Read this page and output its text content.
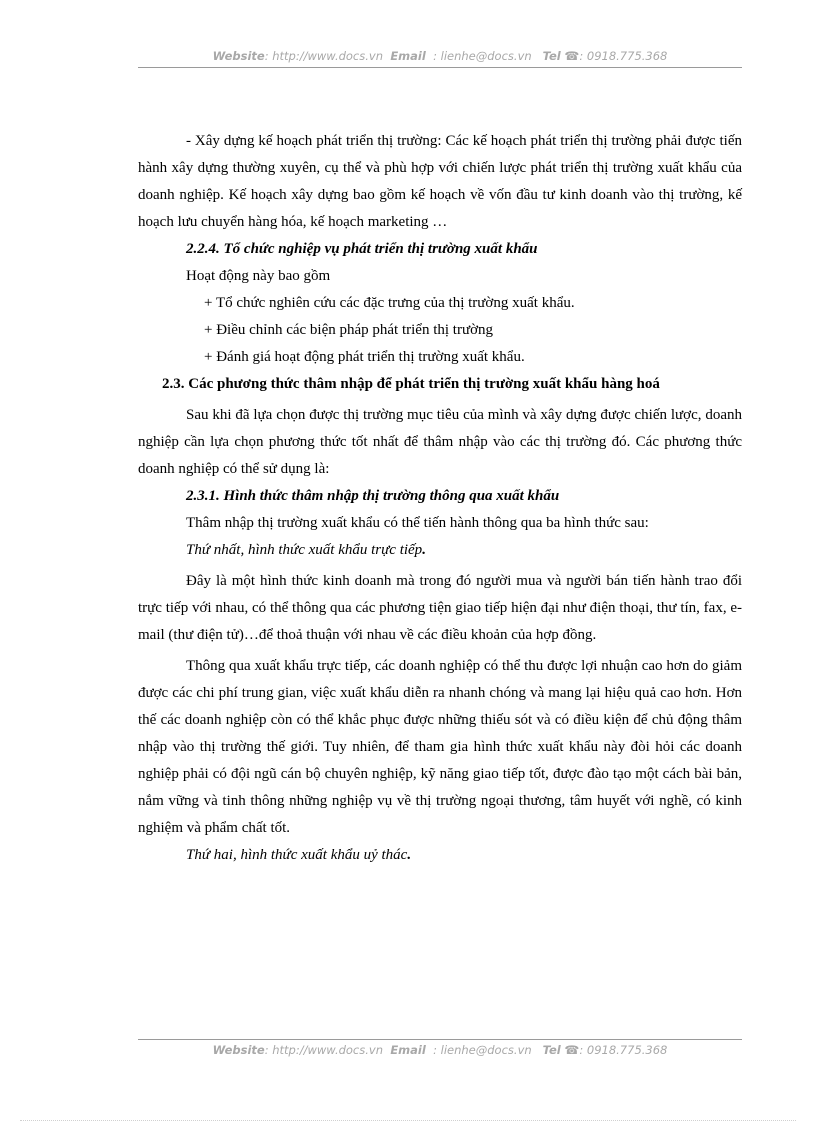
Website: http://www.docs.vn Email : lienhe@docs.vn Tel ☎: 0918.775.368

- Xây dựng kế hoạch phát triển thị trường: Các kế hoạch phát triển thị trường phải được tiến hành xây dựng thường xuyên, cụ thể và phù hợp với chiến lược phát triển thị trường xuất khẩu của doanh nghiệp. Kế hoạch xây dựng bao gồm kế hoạch về vốn đầu tư kinh doanh vào thị trường, kế hoạch lưu chuyển hàng hóa, kế hoạch marketing …

2.2.4. Tổ chức nghiệp vụ phát triển thị trường xuất khẩu

Hoạt động này bao gồm

+ Tổ chức nghiên cứu các đặc trưng của thị trường xuất khẩu.

+ Điều chỉnh các biện pháp phát triển thị trường

+ Đánh giá hoạt động phát triển thị trường xuất khẩu.

2.3. Các phương thức thâm nhập để phát triển thị trường xuất khẩu hàng hoá

Sau khi đã lựa chọn được thị trường mục tiêu của mình và xây dựng được chiến lược, doanh nghiệp cần lựa chọn phương thức tốt nhất để thâm nhập vào các thị trường đó. Các phương thức doanh nghiệp có thể sử dụng là:

2.3.1. Hình thức thâm nhập thị trường thông qua xuất khẩu

Thâm nhập thị trường xuất khẩu có thể tiến hành thông qua ba hình thức sau:

Thứ nhất, hình thức xuất khẩu trực tiếp.

Đây là một hình thức kinh doanh mà trong đó người mua và người bán tiến hành trao đổi trực tiếp với nhau, có thể thông qua các phương tiện giao tiếp hiện đại như điện thoại, thư tín, fax, e-mail (thư điện tử)…để thoả thuận với nhau về các điều khoản của hợp đồng.

Thông qua xuất khẩu trực tiếp, các doanh nghiệp có thể thu được lợi nhuận cao hơn do giảm được các chi phí trung gian, việc xuất khẩu diễn ra nhanh chóng và mang lại hiệu quả cao hơn. Hơn thế các doanh nghiệp còn có thể khắc phục được những thiếu sót và có điều kiện để chủ động thâm nhập vào thị trường thế giới. Tuy nhiên, để tham gia hình thức xuất khẩu này đòi hỏi các doanh nghiệp phải có đội ngũ cán bộ chuyên nghiệp, kỹ năng giao tiếp tốt, được đào tạo một cách bài bản, nắm vững và tinh thông những nghiệp vụ về thị trường ngoại thương, tâm huyết với nghề, có kinh nghiệm và phẩm chất tốt.

Thứ hai, hình thức xuất khẩu uỷ thác.

Website: http://www.docs.vn Email : lienhe@docs.vn Tel ☎: 0918.775.368
